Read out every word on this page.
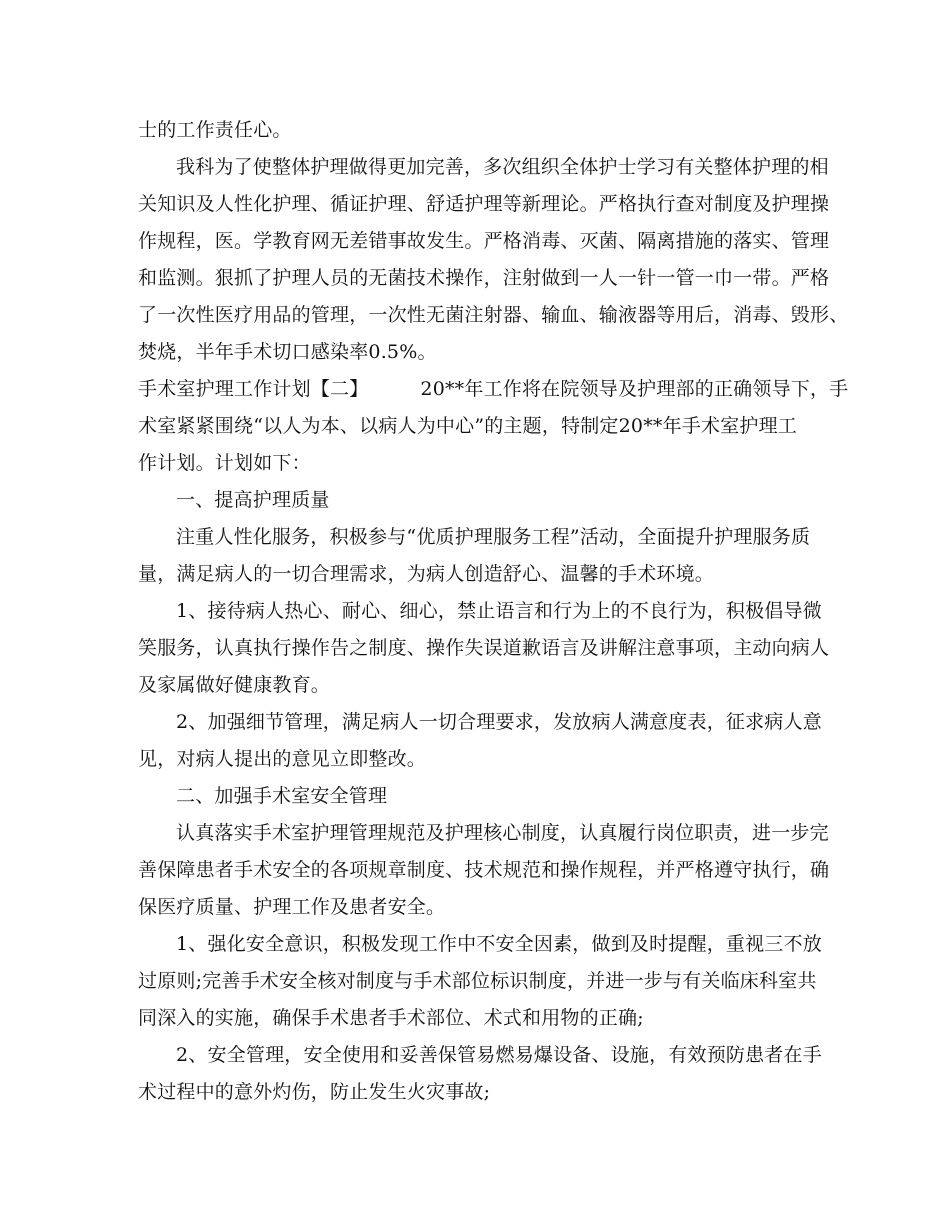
士的工作责任心。
我科为了使整体护理做得更加完善，多次组织全体护士学习有关整体护理的相
关知识及人性化护理、循证护理、舒适护理等新理论。严格执行查对制度及护理操
作规程，医。学教育网无差错事故发生。严格消毒、灭菌、隔离措施的落实、管理
和监测。狠抓了护理人员的无菌技术操作，注射做到一人一针一管一巾一带。严格
了一次性医疗用品的管理，一次性无菌注射器、输血、输液器等用后，消毒、毁形、
焚烧，半年手术切口感染率0.5%。
手术室护理工作计划【二】	20**年工作将在院领导及护理部的正确领导下，手
术室紧紧围绕“以人为本、以病人为中心”的主题，特制定20**年手术室护理工
作计划。计划如下：
一、提高护理质量
注重人性化服务，积极参与“优质护理服务工程”活动，全面提升护理服务质
量，满足病人的一切合理需求，为病人创造舒心、温馨的手术环境。
1、接待病人热心、耐心、细心，禁止语言和行为上的不良行为，积极倡导微
笑服务，认真执行操作告之制度、操作失误道歉语言及讲解注意事项，主动向病人
及家属做好健康教育。
2、加强细节管理，满足病人一切合理要求，发放病人满意度表，征求病人意
见，对病人提出的意见立即整改。
二、加强手术室安全管理
认真落实手术室护理管理规范及护理核心制度，认真履行岗位职责，进一步完
善保障患者手术安全的各项规章制度、技术规范和操作规程，并严格遵守执行，确
保医疗质量、护理工作及患者安全。
1、强化安全意识，积极发现工作中不安全因素，做到及时提醒，重视三不放
过原则;完善手术安全核对制度与手术部位标识制度，并进一步与有关临床科室共
同深入的实施，确保手术患者手术部位、术式和用物的正确;
2、安全管理，安全使用和妥善保管易燃易爆设备、设施，有效预防患者在手
术过程中的意外灼伤，防止发生火灾事故;
